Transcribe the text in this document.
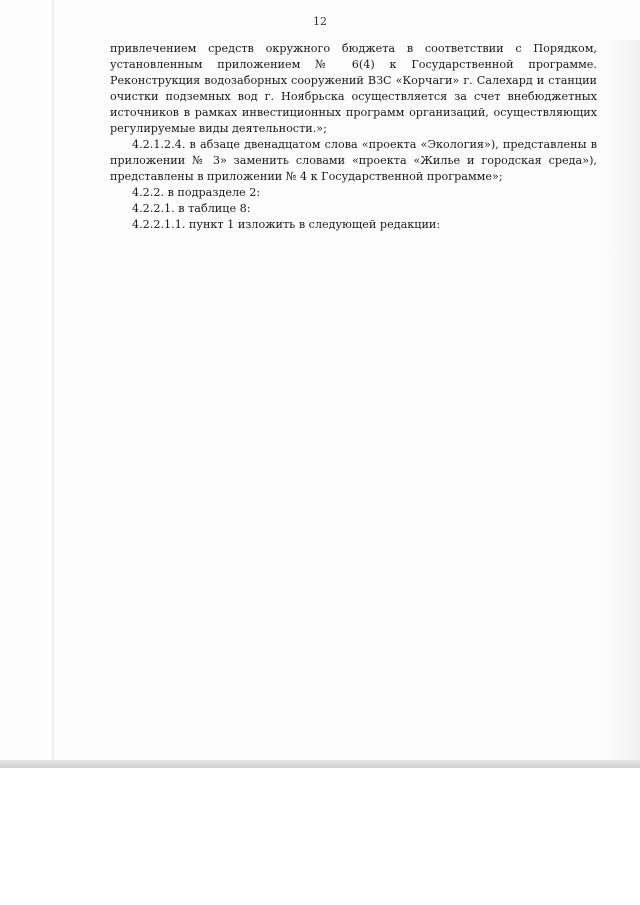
12

привлечением средств окружного бюджета в соответствии с Порядком, установленным приложением № 6(4) к Государственной программе. Реконструкция водозаборных сооружений ВЗС «Корчаги» г. Салехард и станции очистки подземных вод г. Ноябрьска осуществляется за счет внебюджетных источников в рамках инвестиционных программ организаций, осуществляющих регулируемые виды деятельности.»;

4.2.1.2.4. в абзаце двенадцатом слова «проекта «Экология»), представлены в приложении № 3» заменить словами «проекта «Жилье и городская среда»), представлены в приложении № 4 к Государственной программе»;

4.2.2. в подразделе 2:

4.2.2.1. в таблице 8:

4.2.2.1.1. пункт 1 изложить в следующей редакции:
